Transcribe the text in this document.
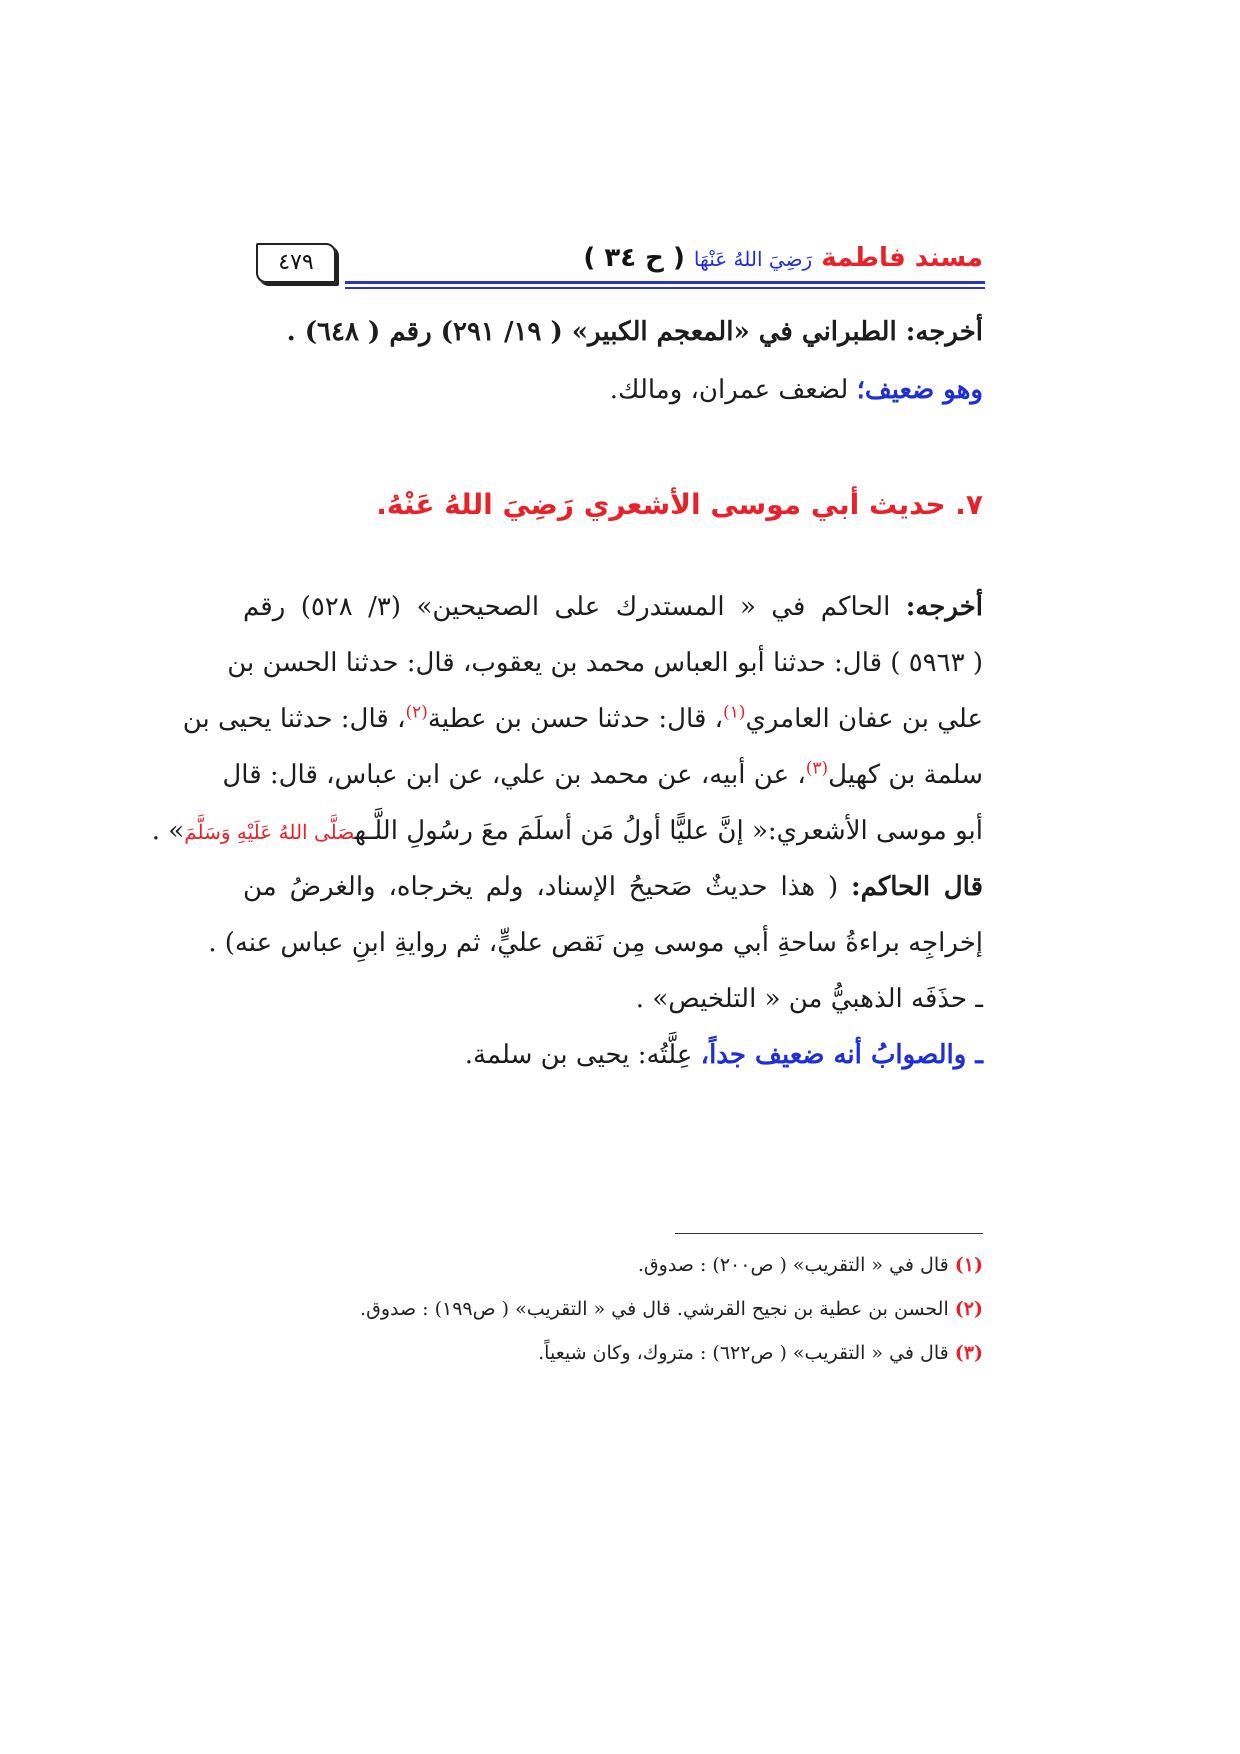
مسند فاطمة رَضِيَ اللهُ عَنْهَا ( ح ٣٤ )
٤٧٩
أخرجه: الطبراني في «المعجم الكبير» ( ١٩/ ٢٩١) رقم ( ٦٤٨) .
وهو ضعيف؛ لضعف عمران، ومالك.
٧. حديث أبي موسى الأشعري رَضِيَ اللهُ عَنْهُ.
أخرجه: الحاكم في « المستدرك على الصحيحين» (٣/ ٥٢٨) رقم
( ٥٩٦٣ ) قال: حدثنا أبو العباس محمد بن يعقوب، قال: حدثنا الحسن بن
علي بن عفان العامري$^{(١)}$، قال: حدثنا حسن بن عطية$^{(٢)}$، قال: حدثنا يحيى بن
سلمة بن كهيل$^{(٣)}$، عن أبيه، عن محمد بن علي، عن ابن عباس، قال: قال
أبو موسى الأشعري:« إنَّ عليًّا أولُ مَن أسلَمَ معَ رسُولِ اللَّـهصَلَّى اللهُ عَلَيْهِ وَسَلَّمَ» .
قال الحاكم: ( هذا حديثٌ صَحيحُ الإسناد، ولم يخرجاه، والغرضُ من
إخراجِه براءةُ ساحةِ أبي موسى مِن نَقص عليٍّ، ثم روايةِ ابنِ عباس عنه) .
ـ حذَفَه الذهبيُّ من « التلخيص» .
ـ والصوابُ أنه ضعيف جداً، عِلَّتُه: يحيى بن سلمة.
(١) قال في « التقريب» ( ص٢٠٠) : صدوق.
(٢) الحسن بن عطية بن نجيح القرشي. قال في « التقريب» ( ص١٩٩) : صدوق.
(٣) قال في « التقريب» ( ص٦٢٢) : متروك، وكان شيعياً.
